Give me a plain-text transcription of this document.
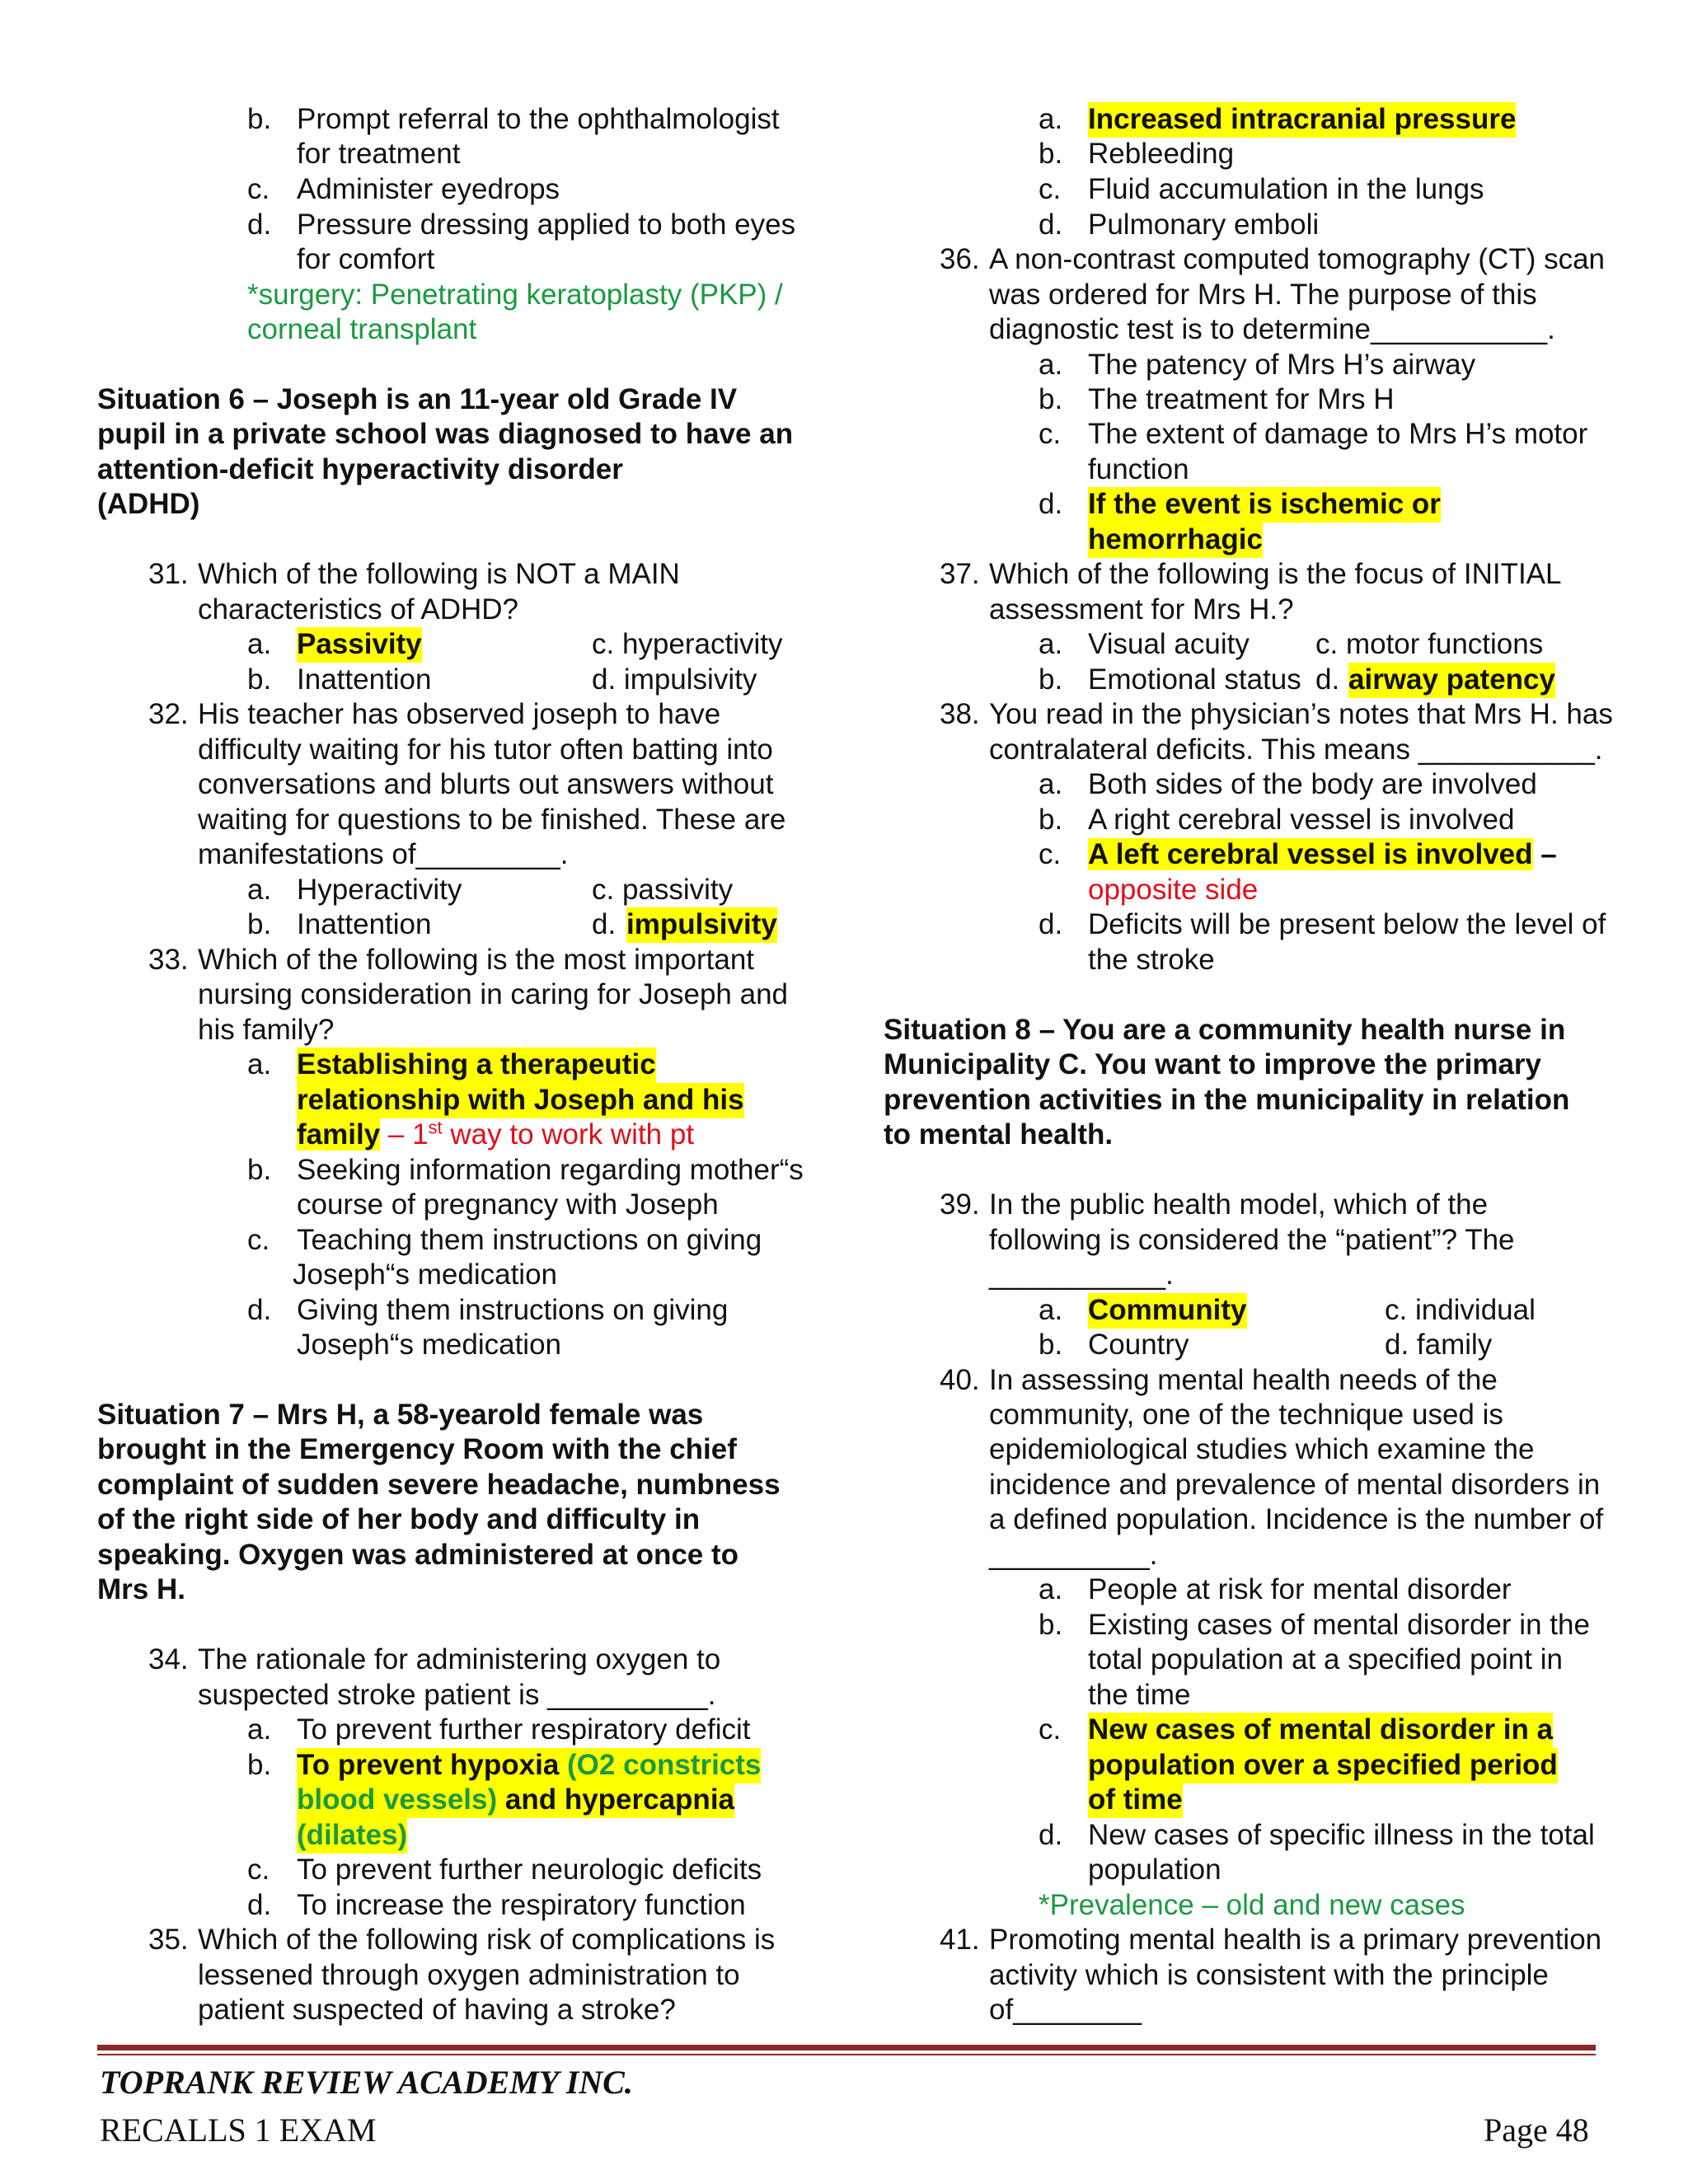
b. Prompt referral to the ophthalmologist
for treatment
c. Administer eyedrops
d. Pressure dressing applied to both eyes
for comfort
*surgery: Penetrating keratoplasty (PKP) /
corneal transplant
Situation 6 – Joseph is an 11-year old Grade IV
pupil in a private school was diagnosed to have an
attention-deficit hyperactivity disorder
(ADHD)
31. Which of the following is NOT a MAIN
characteristics of ADHD?
a. Passivity	c. hyperactivity
b. Inattention	d. impulsivity
32. His teacher has observed joseph to have
difficulty waiting for his tutor often batting into
conversations and blurts out answers without
waiting for questions to be finished. These are
manifestations of_________.
a. Hyperactivity	c. passivity
b. Inattention	d. impulsivity
33. Which of the following is the most important
nursing consideration in caring for Joseph and
his family?
a. Establishing a therapeutic
relationship with Joseph and his
family – 1st way to work with pt
b. Seeking information regarding mother“s
course of pregnancy with Joseph
c. Teaching them instructions on giving
Joseph“s medication
d. Giving them instructions on giving
Joseph“s medication
Situation 7 – Mrs H, a 58-yearold female was
brought in the Emergency Room with the chief
complaint of sudden severe headache, numbness
of the right side of her body and difficulty in
speaking. Oxygen was administered at once to
Mrs H.
34. The rationale for administering oxygen to
suspected stroke patient is __________.
a. To prevent further respiratory deficit
b. To prevent hypoxia (O2 constricts
blood vessels) and hypercapnia
(dilates)
c. To prevent further neurologic deficits
d. To increase the respiratory function
35. Which of the following risk of complications is
lessened through oxygen administration to
patient suspected of having a stroke?
a. Increased intracranial pressure
b. Rebleeding
c. Fluid accumulation in the lungs
d. Pulmonary emboli
36. A non-contrast computed tomography (CT) scan
was ordered for Mrs H. The purpose of this
diagnostic test is to determine___________.
a. The patency of Mrs H’s airway
b. The treatment for Mrs H
c. The extent of damage to Mrs H’s motor
function
d. If the event is ischemic or
hemorrhagic
37. Which of the following is the focus of INITIAL
assessment for Mrs H.?
a. Visual acuity c. motor functions
b. Emotional status d. airway patency
38. You read in the physician’s notes that Mrs H. has
contralateral deficits. This means ___________.
a. Both sides of the body are involved
b. A right cerebral vessel is involved
c. A left cerebral vessel is involved –
opposite side
d. Deficits will be present below the level of
the stroke
Situation 8 – You are a community health nurse in
Municipality C. You want to improve the primary
prevention activities in the municipality in relation
to mental health.
39. In the public health model, which of the
following is considered the “patient”? The
___________.
a. Community	c. individual
b. Country	d. family
40. In assessing mental health needs of the
community, one of the technique used is
epidemiological studies which examine the
incidence and prevalence of mental disorders in
a defined population. Incidence is the number of
__________.
a. People at risk for mental disorder
b. Existing cases of mental disorder in the
total population at a specified point in
the time
c. New cases of mental disorder in a
population over a specified period
of time
d. New cases of specific illness in the total
population
*Prevalence – old and new cases
41. Promoting mental health is a primary prevention
activity which is consistent with the principle
of________
TOPRANK REVIEW ACADEMY INC.
RECALLS 1 EXAM	Page 48
